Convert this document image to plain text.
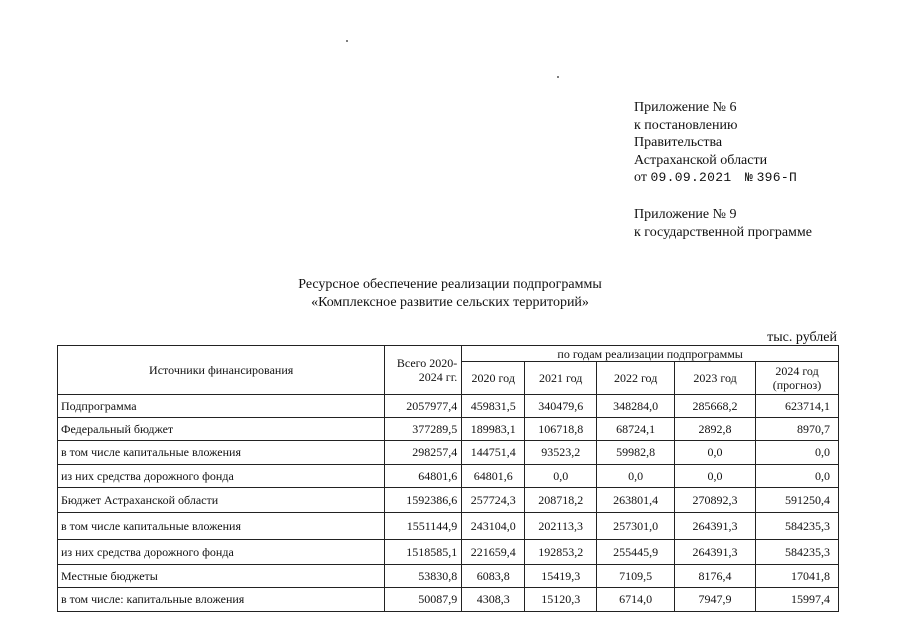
Приложение № 6
к постановлению
Правительства
Астраханской области
от 09.09.2021 № 396-П
Приложение № 9
к государственной программе
Ресурсное обеспечение реализации подпрограммы
«Комплексное развитие сельских территорий»
тыс. рублей
Источники финансирования	Всего 2020-2024 гг.	по годам реализации подпрограммы				
		2020 год	2021 год	2022 год	2023 год	2024 год (прогноз)
Подпрограмма	2057977,4	459831,5	340479,6	348284,0	285668,2	623714,1
Федеральный бюджет	377289,5	189983,1	106718,8	68724,1	2892,8	8970,7
в том числе капитальные вложения	298257,4	144751,4	93523,2	59982,8	0,0	0,0
из них средства дорожного фонда	64801,6	64801,6	0,0	0,0	0,0	0,0
Бюджет Астраханской области	1592386,6	257724,3	208718,2	263801,4	270892,3	591250,4
в том числе капитальные вложения	1551144,9	243104,0	202113,3	257301,0	264391,3	584235,3
из них средства дорожного фонда	1518585,1	221659,4	192853,2	255445,9	264391,3	584235,3
Местные бюджеты	53830,8	6083,8	15419,3	7109,5	8176,4	17041,8
в том числе: капитальные вложения	50087,9	4308,3	15120,3	6714,0	7947,9	15997,4
